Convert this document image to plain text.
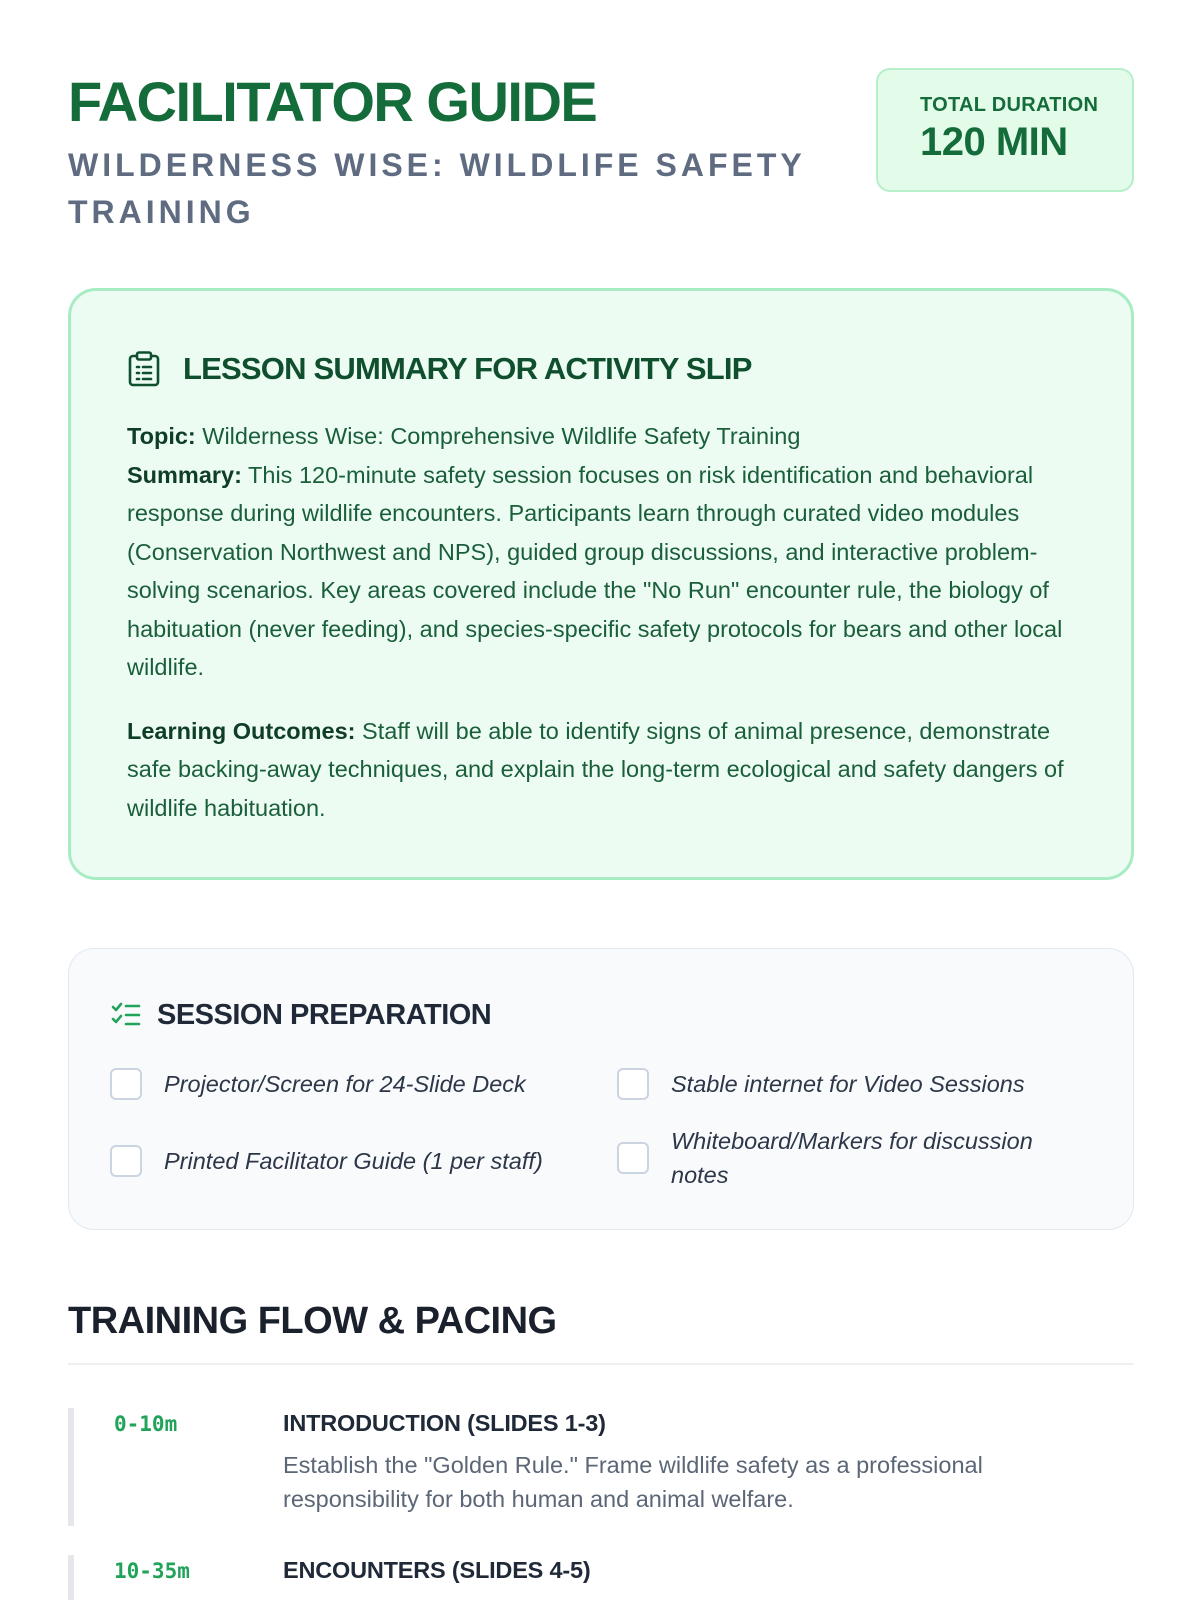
FACILITATOR GUIDE
WILDERNESS WISE: WILDLIFE SAFETY TRAINING
TOTAL DURATION
120 MIN
LESSON SUMMARY FOR ACTIVITY SLIP

Topic: Wilderness Wise: Comprehensive Wildlife Safety Training
Summary: This 120-minute safety session focuses on risk identification and behavioral response during wildlife encounters. Participants learn through curated video modules (Conservation Northwest and NPS), guided group discussions, and interactive problem-solving scenarios. Key areas covered include the "No Run" encounter rule, the biology of habituation (never feeding), and species-specific safety protocols for bears and other local wildlife.

Learning Outcomes: Staff will be able to identify signs of animal presence, demonstrate safe backing-away techniques, and explain the long-term ecological and safety dangers of wildlife habituation.

SESSION PREPARATION
Projector/Screen for 24-Slide Deck	Stable internet for Video Sessions
Printed Facilitator Guide (1 per staff)
Whiteboard/Markers for discussion notes
TRAINING FLOW & PACING
0-10m	INTRODUCTION (SLIDES 1-3)
Establish the "Golden Rule." Frame wildlife safety as a professional responsibility for both human and animal welfare.
10-35m	ENCOUNTERS (SLIDES 4-5)
